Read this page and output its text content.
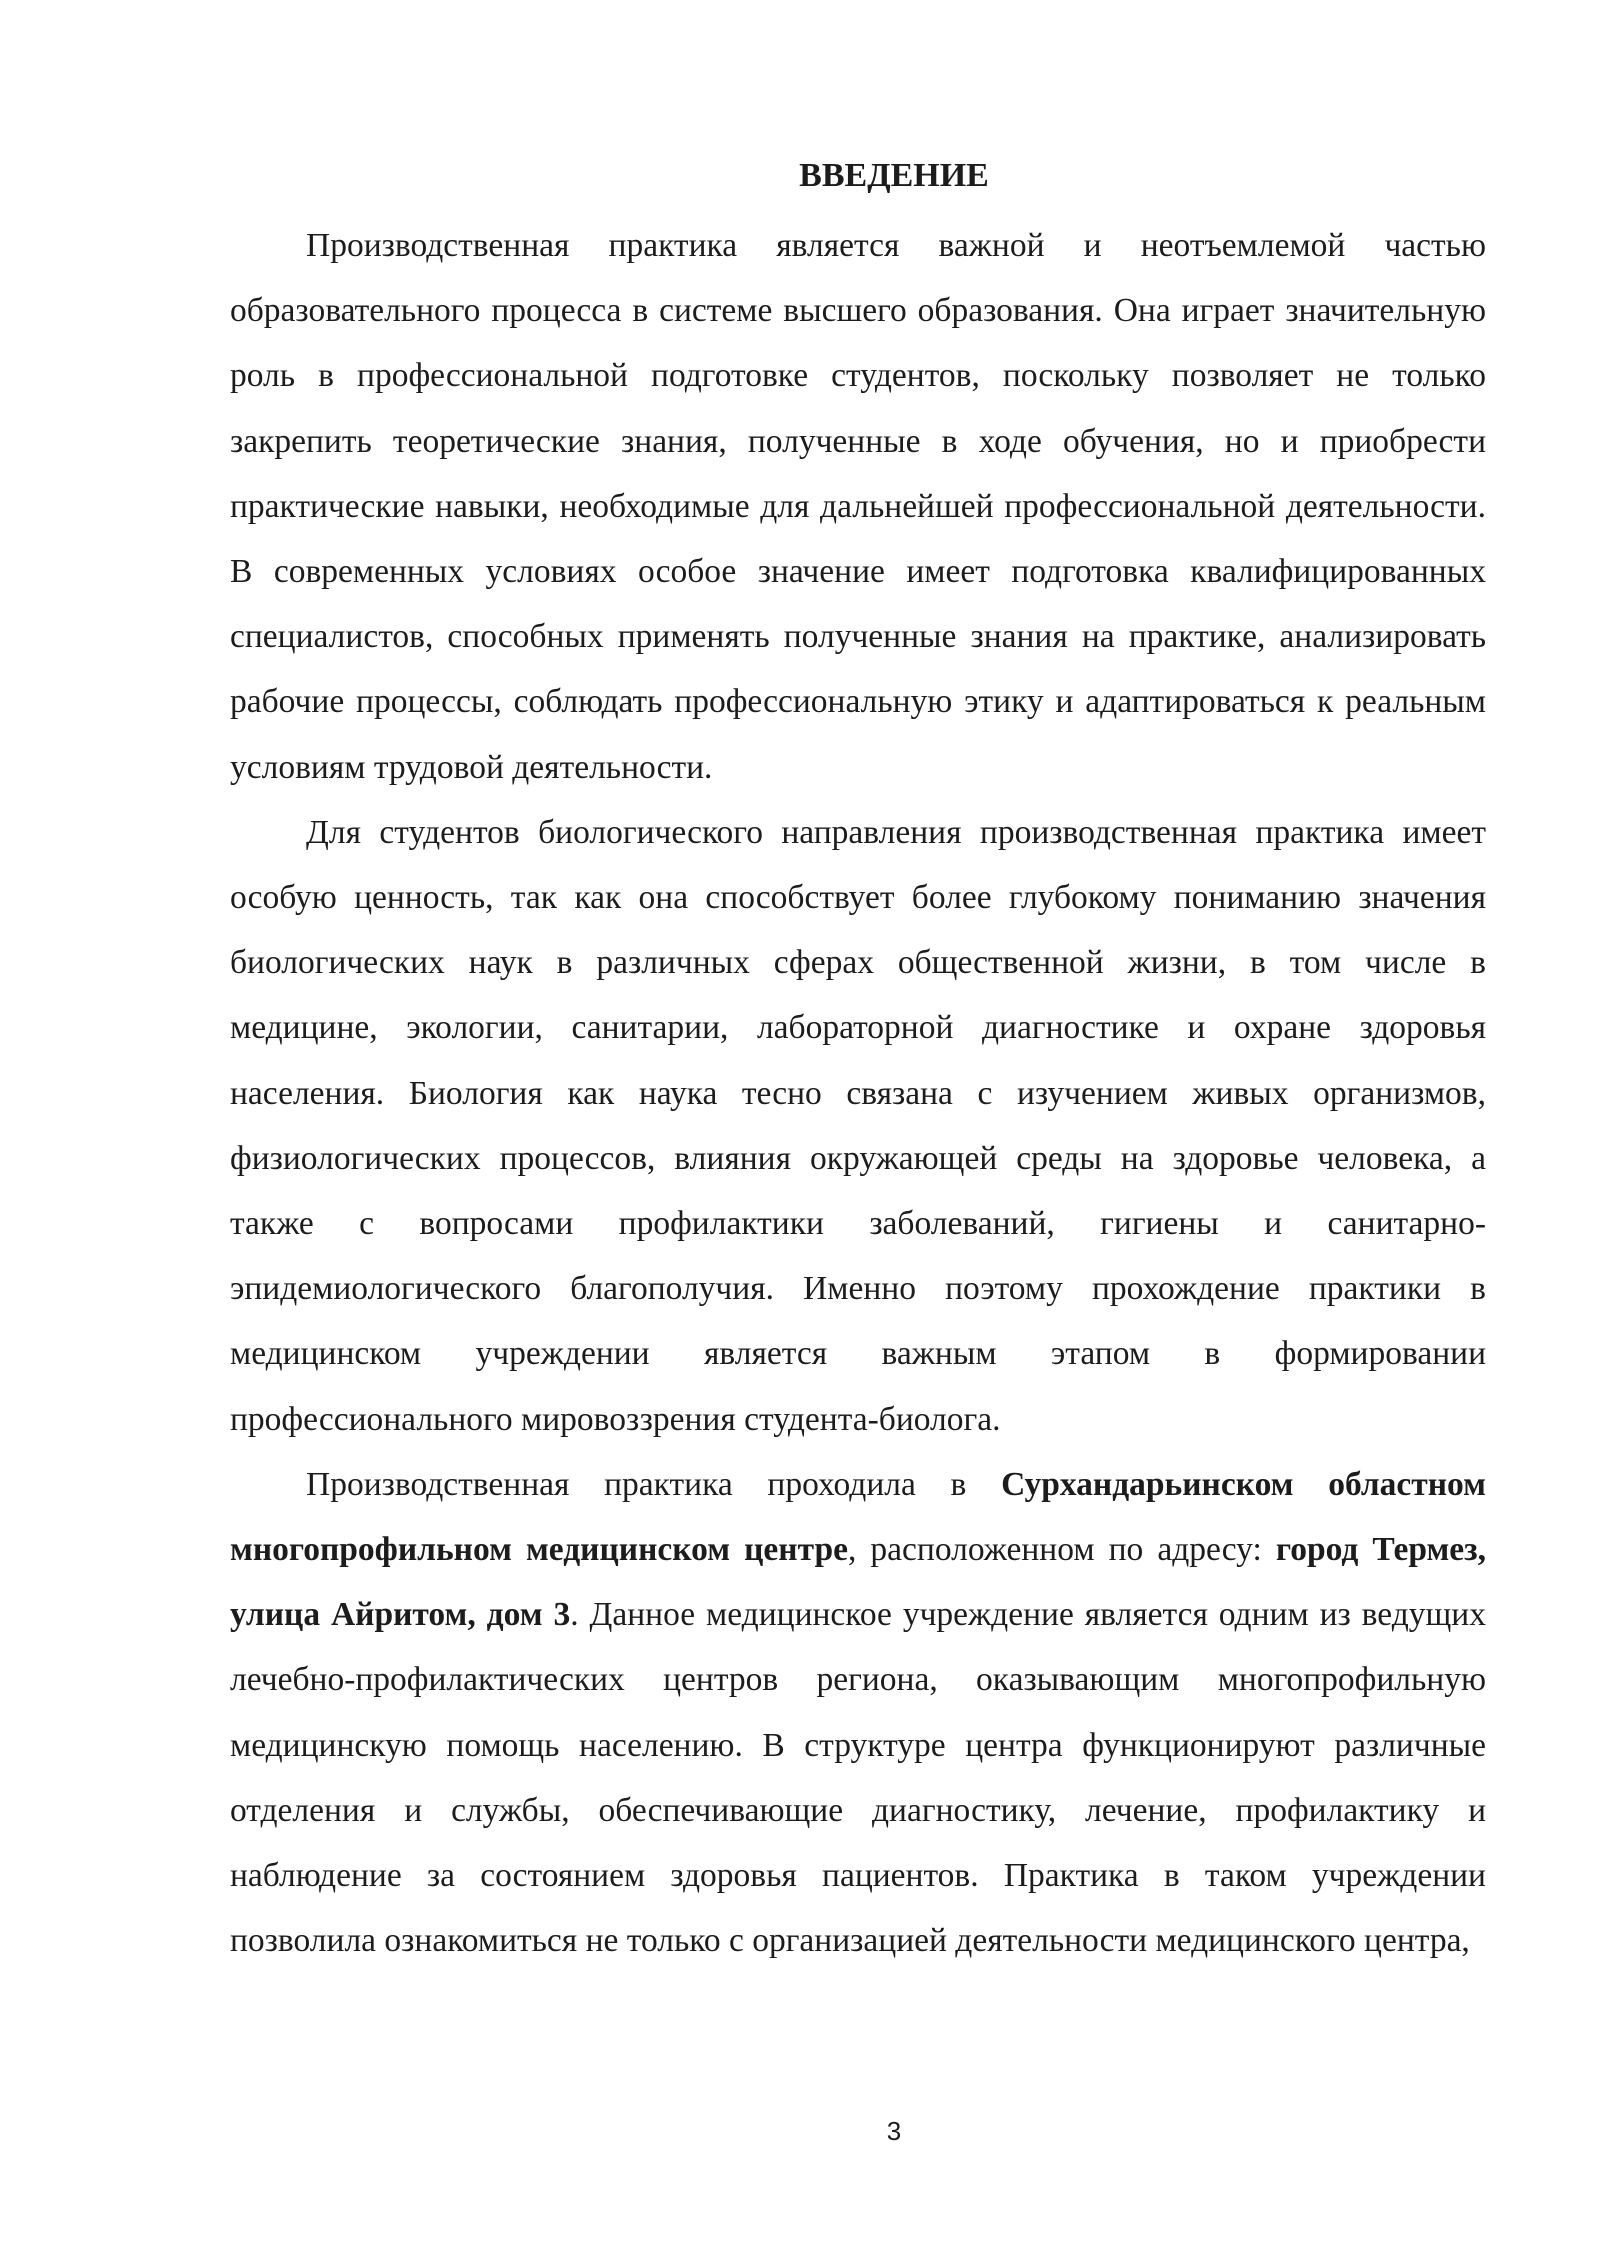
ВВЕДЕНИЕ

Производственная практика является важной и неотъемлемой частью образовательного процесса в системе высшего образования. Она играет значительную роль в профессиональной подготовке студентов, поскольку позволяет не только закрепить теоретические знания, полученные в ходе обучения, но и приобрести практические навыки, необходимые для дальнейшей профессиональной деятельности. В современных условиях особое значение имеет подготовка квалифицированных специалистов, способных применять полученные знания на практике, анализировать рабочие процессы, соблюдать профессиональную этику и адаптироваться к реальным условиям трудовой деятельности.

Для студентов биологического направления производственная практика имеет особую ценность, так как она способствует более глубокому пониманию значения биологических наук в различных сферах общественной жизни, в том числе в медицине, экологии, санитарии, лабораторной диагностике и охране здоровья населения. Биология как наука тесно связана с изучением живых организмов, физиологических процессов, влияния окружающей среды на здоровье человека, а также с вопросами профилактики заболеваний, гигиены и санитарно-эпидемиологического благополучия. Именно поэтому прохождение практики в медицинском учреждении является важным этапом в формировании профессионального мировоззрения студента-биолога.

Производственная практика проходила в Сурхандарьинском областном многопрофильном медицинском центре, расположенном по адресу: город Термез, улица Айритом, дом 3. Данное медицинское учреждение является одним из ведущих лечебно-профилактических центров региона, оказывающим многопрофильную медицинскую помощь населению. В структуре центра функционируют различные отделения и службы, обеспечивающие диагностику, лечение, профилактику и наблюдение за состоянием здоровья пациентов. Практика в таком учреждении позволила ознакомиться не только с организацией деятельности медицинского центра,

3
